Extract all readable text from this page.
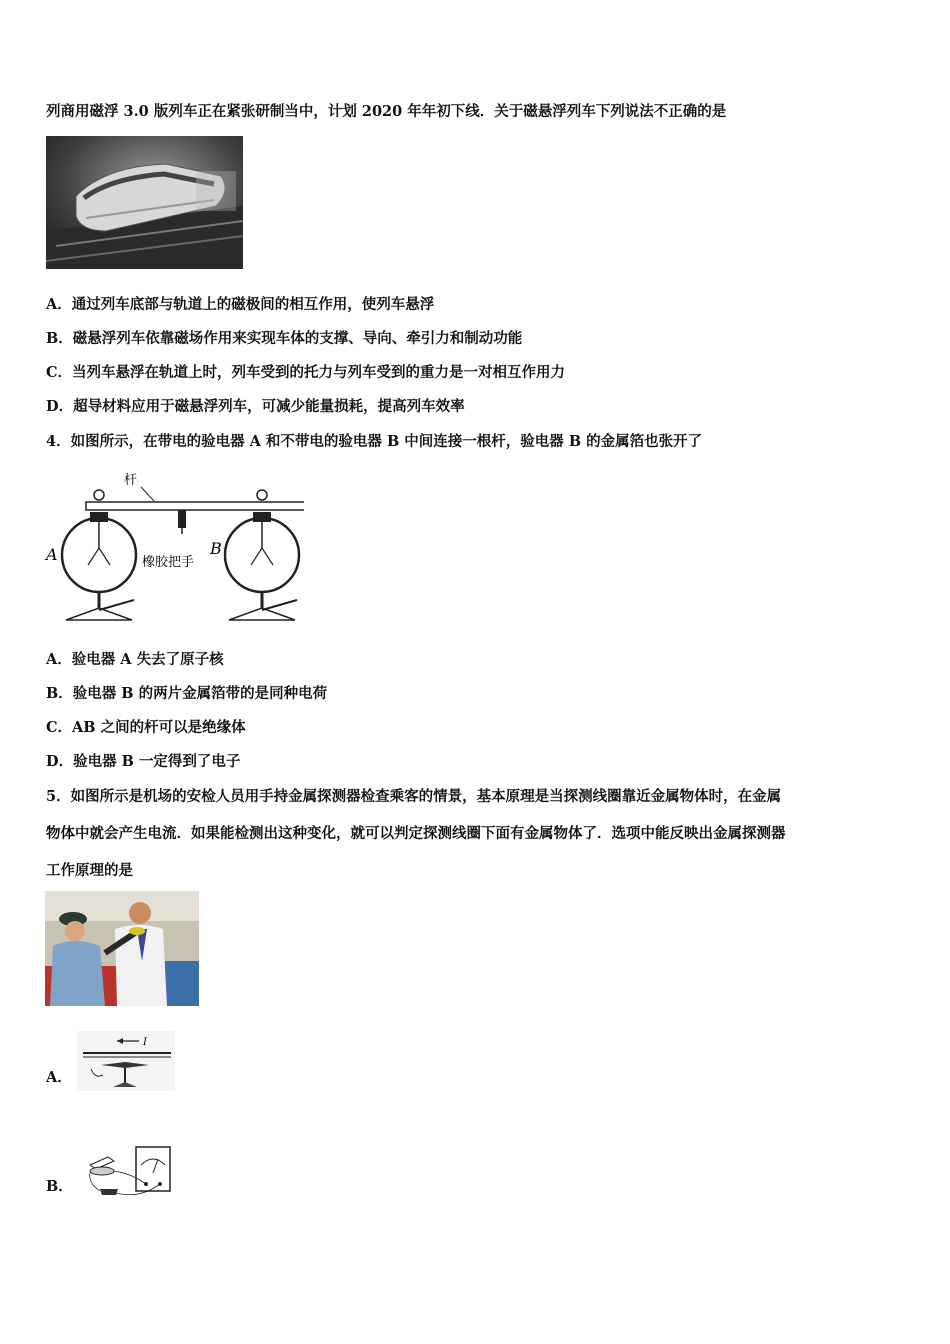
列商用磁浮 3.0 版列车正在紧张研制当中，计划 2020 年年初下线．关于磁悬浮列车下列说法不正确的是
A．通过列车底部与轨道上的磁极间的相互作用，使列车悬浮
B．磁悬浮列车依靠磁场作用来实现车体的支撑、导向、牵引力和制动功能
C．当列车悬浮在轨道上时，列车受到的托力与列车受到的重力是一对相互作用力
D．超导材料应用于磁悬浮列车，可减少能量损耗，提高列车效率
4．如图所示，在带电的验电器 A 和不带电的验电器 B 中间连接一根杆，验电器 B 的金属箔也张开了
杆
橡胶把手
A	B
A．验电器 A 失去了原子核
B．验电器 B 的两片金属箔带的是同种电荷
C．AB 之间的杆可以是绝缘体
D．验电器 B 一定得到了电子
5．如图所示是机场的安检人员用手持金属探测器检查乘客的情景，基本原理是当探测线圈靠近金属物体时，在金属
物体中就会产生电流．如果能检测出这种变化，就可以判定探测线圈下面有金属物体了．选项中能反映出金属探测器
工作原理的是
A．
I
B．
